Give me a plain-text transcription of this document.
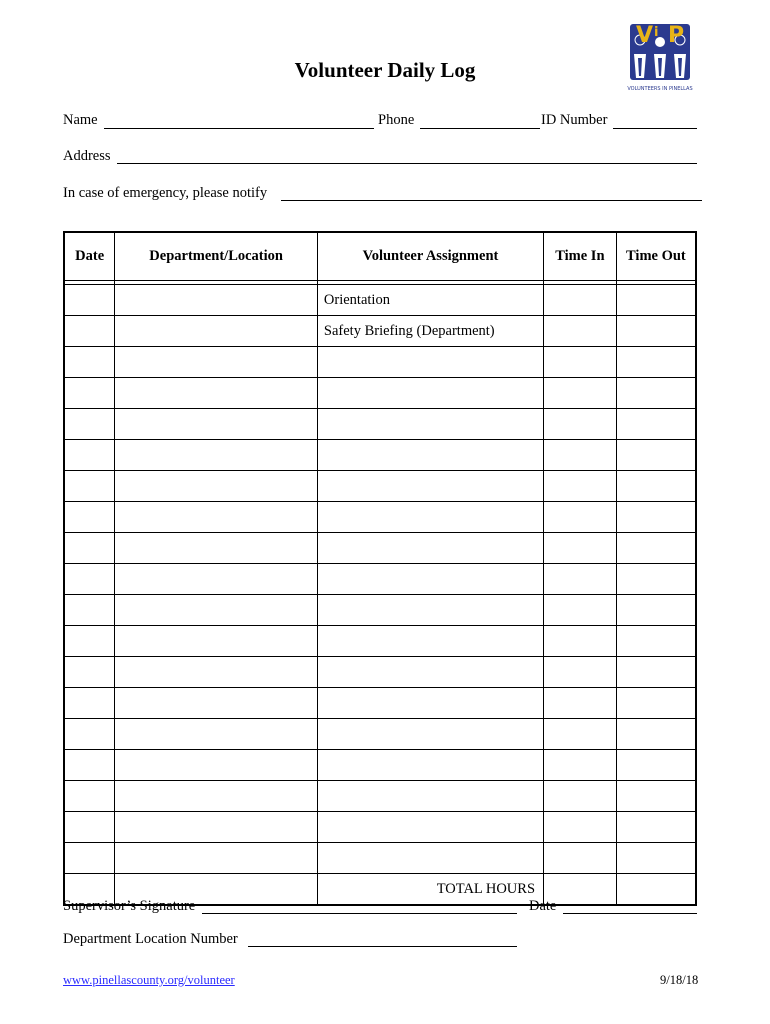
V i P
VOLUNTEERS IN PINELLAS
Volunteer Daily Log
Name	Phone	ID Number
Address
In case of emergency, please notify
Date	Department/Location	Volunteer Assignment	Time In	Time Out

		Orientation		
		Safety Briefing (Department)		

		TOTAL HOURS		
Supervisor’s Signature	Date
Department Location Number
www.pinellascounty.org/volunteer	9/18/18
